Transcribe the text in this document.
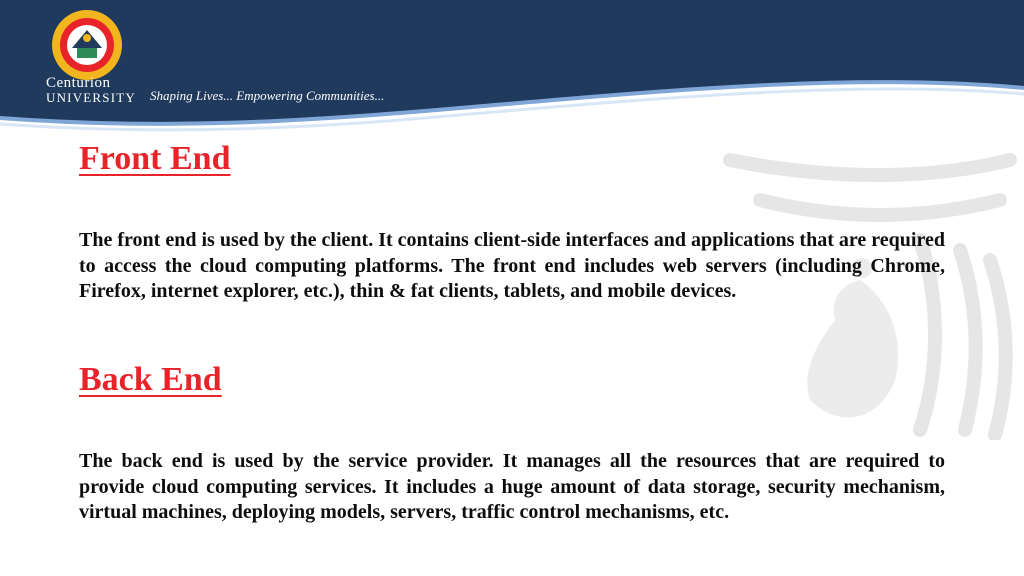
Centurion
UNIVERSITY Shaping Lives... Empowering Communities...
Front End
The front end is used by the client. It contains client-side interfaces and applications that are required to access the cloud computing platforms. The front end includes web servers (including Chrome, Firefox, internet explorer, etc.), thin & fat clients, tablets, and mobile devices.
Back End
The back end is used by the service provider. It manages all the resources that are required to provide cloud computing services. It includes a huge amount of data storage, security mechanism, virtual machines, deploying models, servers, traffic control mechanisms, etc.
